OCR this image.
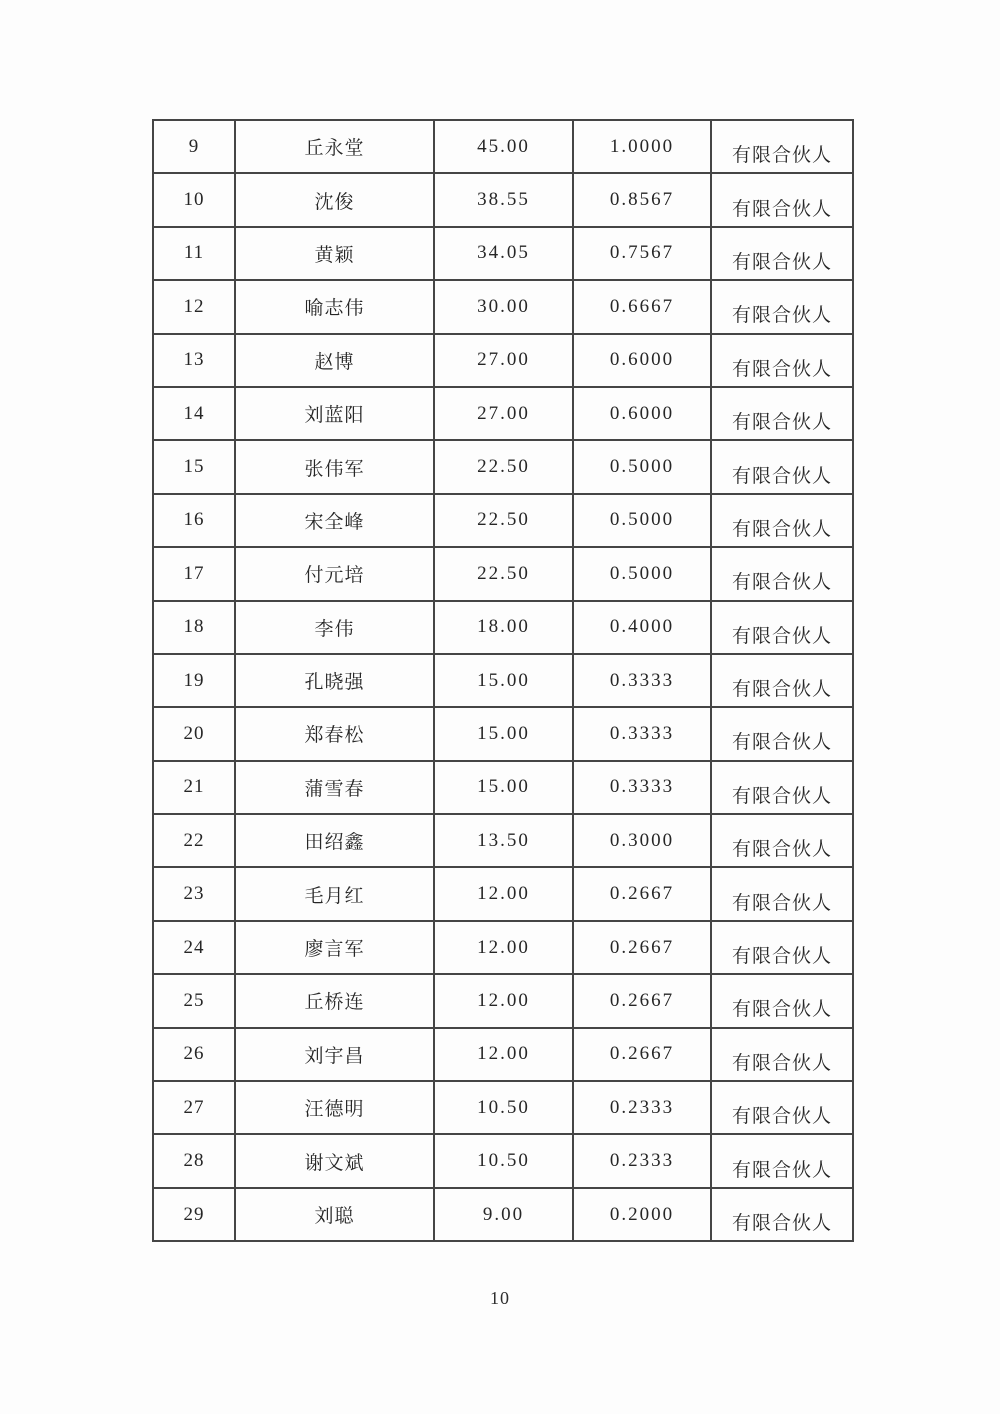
9	丘永堂	45.00	1.0000	有限合伙人
10	沈俊	38.55	0.8567	有限合伙人
11	黄颖	34.05	0.7567	有限合伙人
12	喻志伟	30.00	0.6667	有限合伙人
13	赵博	27.00	0.6000	有限合伙人
14	刘蓝阳	27.00	0.6000	有限合伙人
15	张伟军	22.50	0.5000	有限合伙人
16	宋全峰	22.50	0.5000	有限合伙人
17	付元培	22.50	0.5000	有限合伙人
18	李伟	18.00	0.4000	有限合伙人
19	孔晓强	15.00	0.3333	有限合伙人
20	郑春松	15.00	0.3333	有限合伙人
21	蒲雪春	15.00	0.3333	有限合伙人
22	田绍鑫	13.50	0.3000	有限合伙人
23	毛月红	12.00	0.2667	有限合伙人
24	廖言军	12.00	0.2667	有限合伙人
25	丘桥连	12.00	0.2667	有限合伙人
26	刘宇昌	12.00	0.2667	有限合伙人
27	汪德明	10.50	0.2333	有限合伙人
28	谢文斌	10.50	0.2333	有限合伙人
29	刘聪	9.00	0.2000	有限合伙人
10
